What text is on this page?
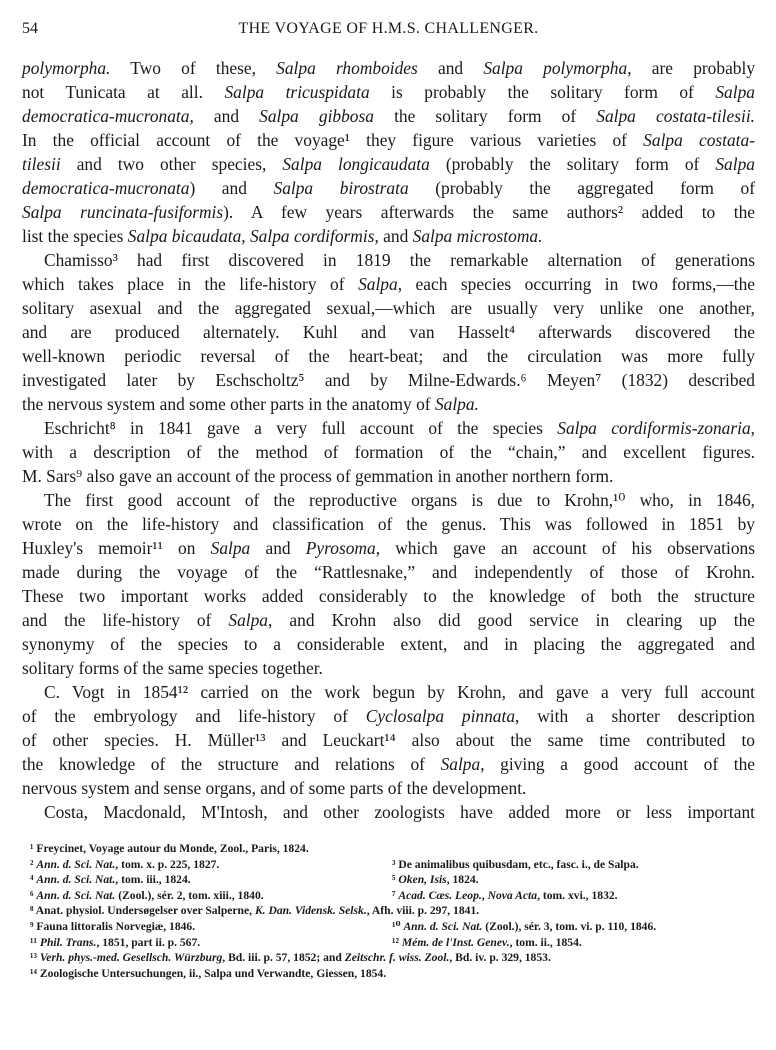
54	THE VOYAGE OF H.M.S. CHALLENGER.
polymorpha. Two of these, Salpa rhomboides and Salpa polymorpha, are probably
not Tunicata at all. Salpa tricuspidata is probably the solitary form of Salpa
democratica-mucronata, and Salpa gibbosa the solitary form of Salpa costata-tilesii.
In the official account of the voyage¹ they figure various varieties of Salpa costata-
tilesii and two other species, Salpa longicaudata (probably the solitary form of Salpa
democratica-mucronata) and Salpa birostrata (probably the aggregated form of
Salpa runcinata-fusiformis). A few years afterwards the same authors² added to the
list the species Salpa bicaudata, Salpa cordiformis, and Salpa microstoma.
Chamisso³ had first discovered in 1819 the remarkable alternation of generations
which takes place in the life-history of Salpa, each species occurring in two forms,—the
solitary asexual and the aggregated sexual,—which are usually very unlike one another,
and are produced alternately. Kuhl and van Hasselt⁴ afterwards discovered the
well-known periodic reversal of the heart-beat; and the circulation was more fully
investigated later by Eschscholtz⁵ and by Milne-Edwards.⁶ Meyen⁷ (1832) described
the nervous system and some other parts in the anatomy of Salpa.
Eschricht⁸ in 1841 gave a very full account of the species Salpa cordiformis-zonaria,
with a description of the method of formation of the “chain,” and excellent figures.
M. Sars⁹ also gave an account of the process of gemmation in another northern form.
The first good account of the reproductive organs is due to Krohn,¹⁰ who, in 1846,
wrote on the life-history and classification of the genus. This was followed in 1851 by
Huxley's memoir¹¹ on Salpa and Pyrosoma, which gave an account of his observations
made during the voyage of the “Rattlesnake,” and independently of those of Krohn.
These two important works added considerably to the knowledge of both the structure
and the life-history of Salpa, and Krohn also did good service in clearing up the
synonymy of the species to a considerable extent, and in placing the aggregated and
solitary forms of the same species together.
C. Vogt in 1854¹² carried on the work begun by Krohn, and gave a very full account
of the embryology and life-history of Cyclosalpa pinnata, with a shorter description
of other species. H. Müller¹³ and Leuckart¹⁴ also about the same time contributed to
the knowledge of the structure and relations of Salpa, giving a good account of the
nervous system and sense organs, and of some parts of the development.
Costa, Macdonald, M'Intosh, and other zoologists have added more or less important
¹ Freycinet, Voyage autour du Monde, Zool., Paris, 1824.
² Ann. d. Sci. Nat., tom. x. p. 225, 1827.	³ De animalibus quibusdam, etc., fasc. i., de Salpa.
⁴ Ann. d. Sci. Nat., tom. iii., 1824.	⁵ Oken, Isis, 1824.
⁶ Ann. d. Sci. Nat. (Zool.), sér. 2, tom. xiii., 1840.	⁷ Acad. Cæs. Leop., Nova Acta, tom. xvi., 1832.
⁸ Anat. physiol. Undersøgelser over Salperne, K. Dan. Vidensk. Selsk., Afh. viii. p. 297, 1841.
⁹ Fauna littoralis Norvegiæ, 1846.	¹⁰ Ann. d. Sci. Nat. (Zool.), sér. 3, tom. vi. p. 110, 1846.
¹¹ Phil. Trans., 1851, part ii. p. 567.	¹² Mém. de l'Inst. Genev., tom. ii., 1854.
¹³ Verh. phys.-med. Gesellsch. Würzburg, Bd. iii. p. 57, 1852; and Zeitschr. f. wiss. Zool., Bd. iv. p. 329, 1853.
¹⁴ Zoologische Untersuchungen, ii., Salpa und Verwandte, Giessen, 1854.
